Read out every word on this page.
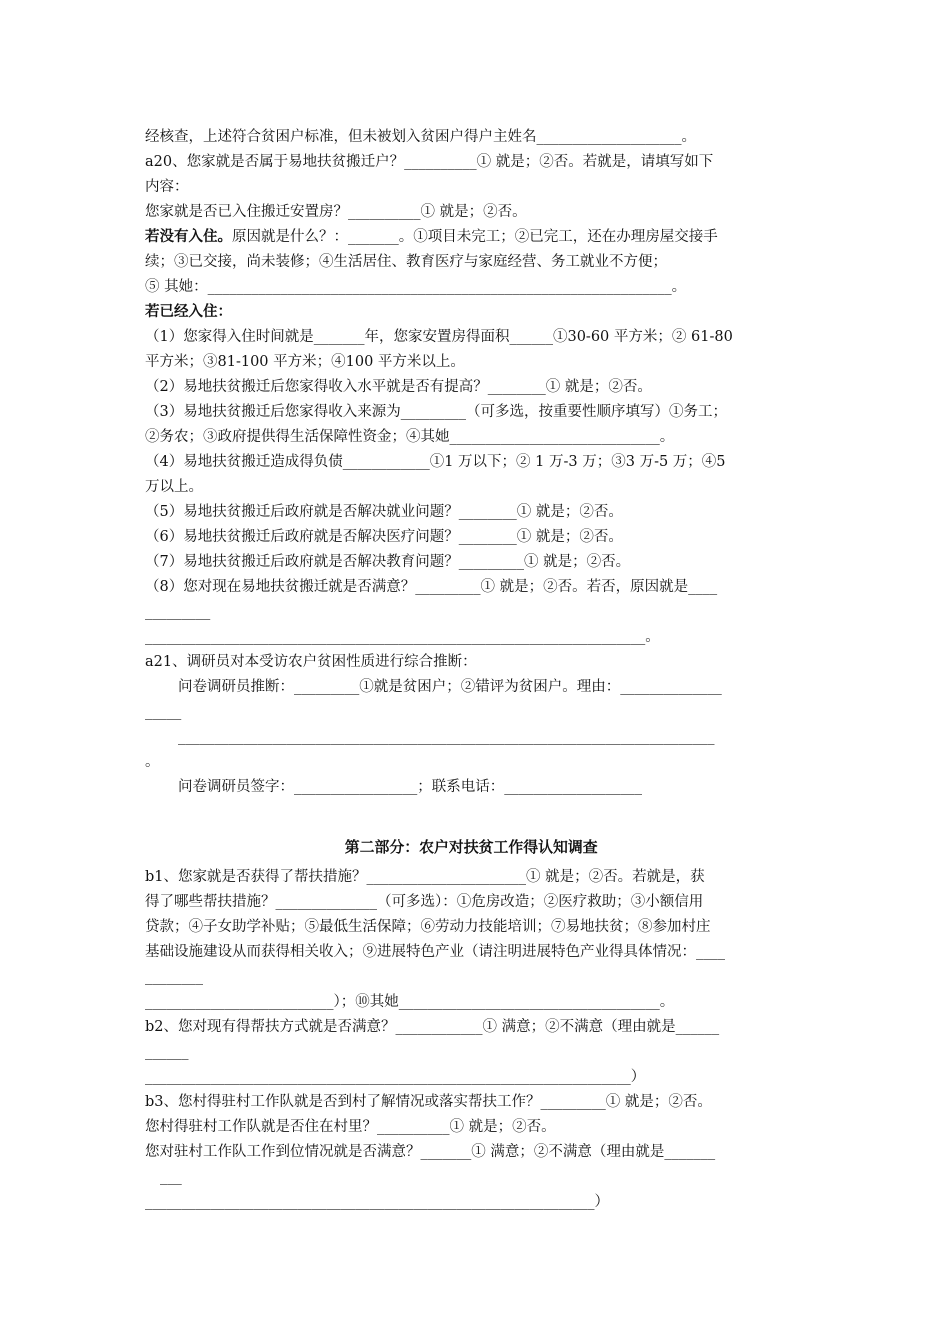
经核查，上述符合贫困户标准，但未被划入贫困户得户主姓名____________________。
a20、您家就是否属于易地扶贫搬迁户？__________① 就是；②否。若就是，请填写如下
内容：
您家就是否已入住搬迁安置房？__________① 就是；②否。
若没有入住。原因就是什么？：_______。①项目未完工；②已完工，还在办理房屋交接手
续；③已交接，尚未装修；④生活居住、教育医疗与家庭经营、务工就业不方便；
⑤ 其她：________________________________________________________________。
若已经入住：
（1）您家得入住时间就是_______年，您家安置房得面积______①30-60 平方米；② 61-80
平方米；③81-100 平方米；④100 平方米以上。
（2）易地扶贫搬迁后您家得收入水平就是否有提高？________① 就是；②否。
（3）易地扶贫搬迁后您家得收入来源为_________（可多选，按重要性顺序填写）①务工；
②务农；③政府提供得生活保障性资金；④其她_____________________________。
（4）易地扶贫搬迁造成得负债____________①1 万以下；② 1 万-3 万；③3 万-5 万；④5
万以上。
（5）易地扶贫搬迁后政府就是否解决就业问题？________① 就是；②否。
（6）易地扶贫搬迁后政府就是否解决医疗问题？________① 就是；②否。
（7）易地扶贫搬迁后政府就是否解决教育问题？_________① 就是；②否。
（8）您对现在易地扶贫搬迁就是否满意？_________① 就是；②否。若否，原因就是____
_________
_____________________________________________________________________。
a21、调研员对本受访农户贫困性质进行综合推断：
问卷调研员推断：_________①就是贫困户；②错评为贫困户。理由：______________
_____
__________________________________________________________________________
。
问卷调研员签字：_________________；联系电话：___________________
第二部分：农户对扶贫工作得认知调查
b1、您家就是否获得了帮扶措施？______________________① 就是；②否。若就是，获
得了哪些帮扶措施？______________（可多选）：①危房改造；②医疗救助；③小额信用
贷款；④子女助学补贴；⑤最低生活保障；⑥劳动力技能培训；⑦易地扶贫；⑧参加村庄
基础设施建设从而获得相关收入；⑨进展特色产业（请注明进展特色产业得具体情况：____
________
__________________________）；⑩其她____________________________________。
b2、您对现有得帮扶方式就是否满意？____________① 满意；②不满意（理由就是______
______
___________________________________________________________________）
b3、您村得驻村工作队就是否到村了解情况或落实帮扶工作？_________① 就是；②否。
您村得驻村工作队就是否住在村里？__________① 就是；②否。
您对驻村工作队工作到位情况就是否满意？_______① 满意；②不满意（理由就是_______
___
______________________________________________________________）
